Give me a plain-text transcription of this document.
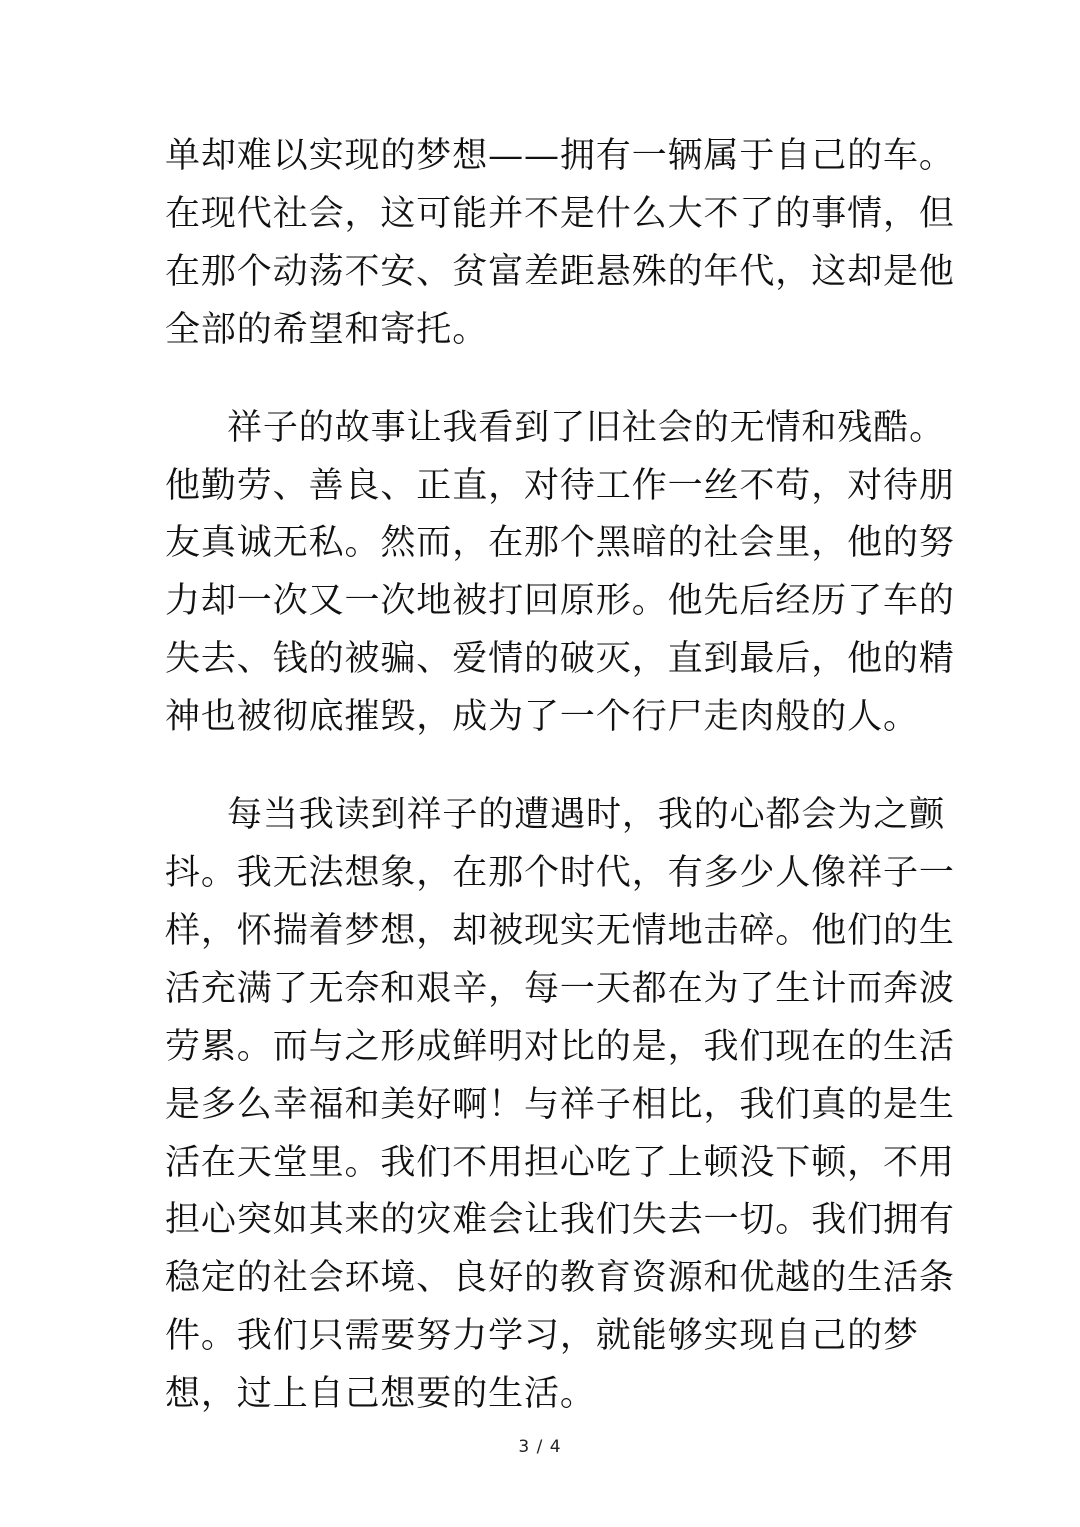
单却难以实现的梦想——拥有一辆属于自己的车。
在现代社会，这可能并不是什么大不了的事情，但
在那个动荡不安、贫富差距悬殊的年代，这却是他
全部的希望和寄托。
祥子的故事让我看到了旧社会的无情和残酷。
他勤劳、善良、正直，对待工作一丝不苟，对待朋
友真诚无私。然而，在那个黑暗的社会里，他的努
力却一次又一次地被打回原形。他先后经历了车的
失去、钱的被骗、爱情的破灭，直到最后，他的精
神也被彻底摧毁，成为了一个行尸走肉般的人。
每当我读到祥子的遭遇时，我的心都会为之颤
抖。我无法想象，在那个时代，有多少人像祥子一
样，怀揣着梦想，却被现实无情地击碎。他们的生
活充满了无奈和艰辛，每一天都在为了生计而奔波
劳累。而与之形成鲜明对比的是，我们现在的生活
是多么幸福和美好啊！与祥子相比，我们真的是生
活在天堂里。我们不用担心吃了上顿没下顿，不用
担心突如其来的灾难会让我们失去一切。我们拥有
稳定的社会环境、良好的教育资源和优越的生活条
件。我们只需要努力学习，就能够实现自己的梦
想，过上自己想要的生活。
3 / 4
